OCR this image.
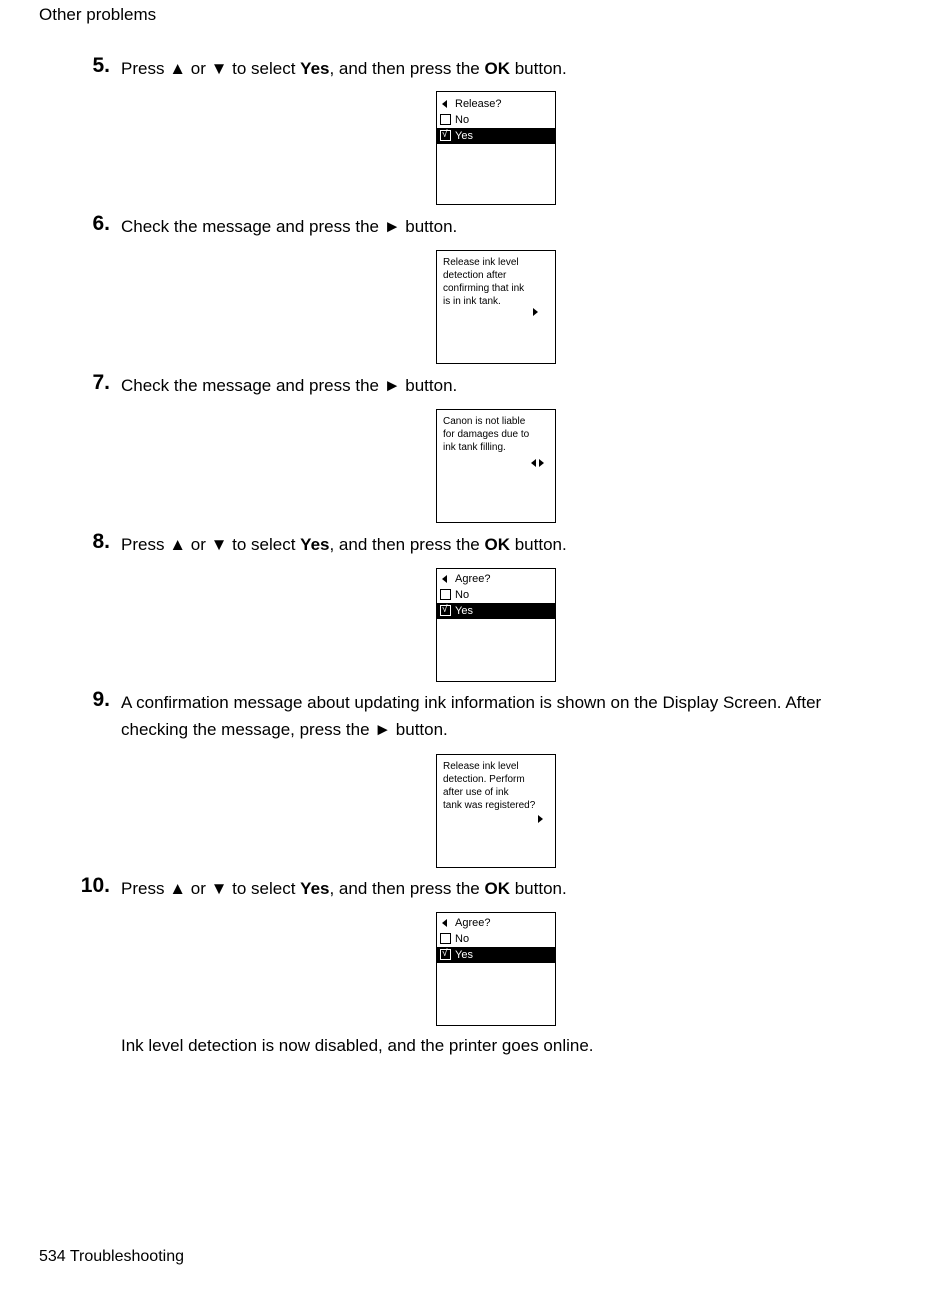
Other problems
5. Press ▲ or ▼ to select Yes, and then press the OK button.
Release?
No
√ Yes
6. Check the message and press the ► button.
Release ink level
detection after
confirming that ink
is in ink tank.
7. Check the message and press the ► button.
Canon is not liable
for damages due to
ink tank filling.
8. Press ▲ or ▼ to select Yes, and then press the OK button.
Agree?
No
√ Yes
9. A confirmation message about updating ink information is shown on the Display Screen. After
checking the message, press the ► button.
Release ink level
detection. Perform
after use of ink
tank was registered?
10. Press ▲ or ▼ to select Yes, and then press the OK button.
Agree?
No
√ Yes
Ink level detection is now disabled, and the printer goes online.
534 Troubleshooting
